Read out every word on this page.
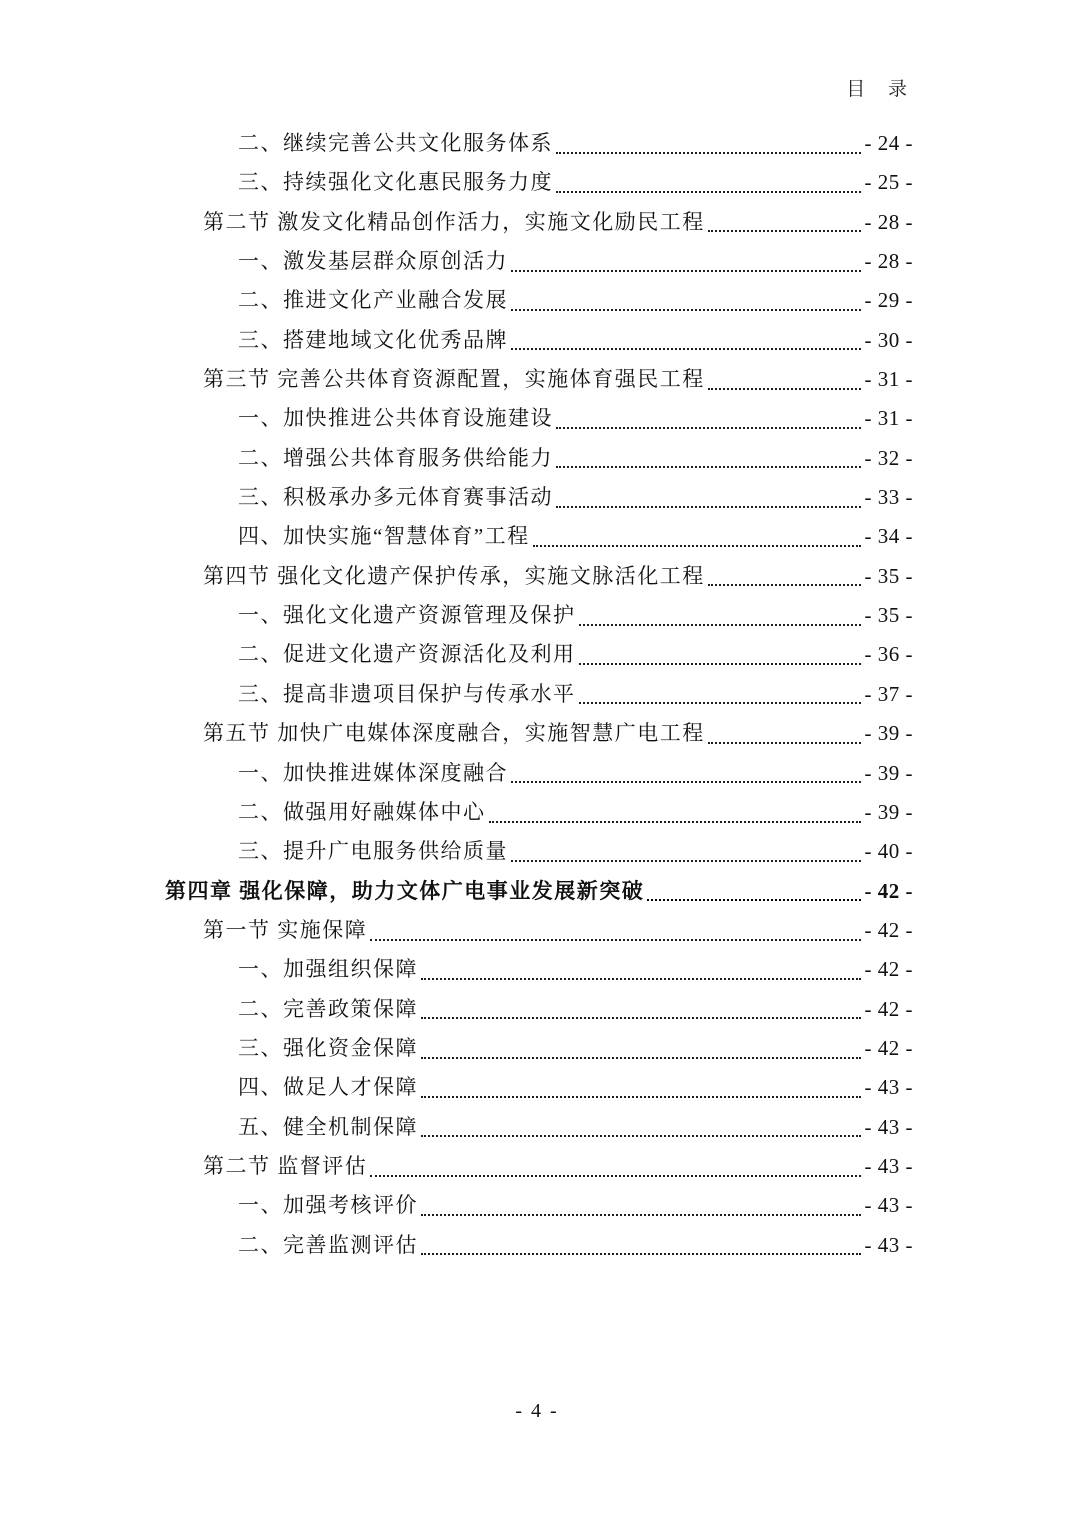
目 录
二、继续完善公共文化服务体系	- 24 -
三、持续强化文化惠民服务力度	- 25 -
第二节 激发文化精品创作活力，实施文化励民工程	- 28 -
一、激发基层群众原创活力	- 28 -
二、推进文化产业融合发展	- 29 -
三、搭建地域文化优秀品牌	- 30 -
第三节 完善公共体育资源配置，实施体育强民工程	- 31 -
一、加快推进公共体育设施建设	- 31 -
二、增强公共体育服务供给能力	- 32 -
三、积极承办多元体育赛事活动	- 33 -
四、加快实施“智慧体育”工程	- 34 -
第四节 强化文化遗产保护传承，实施文脉活化工程	- 35 -
一、强化文化遗产资源管理及保护	- 35 -
二、促进文化遗产资源活化及利用	- 36 -
三、提高非遗项目保护与传承水平	- 37 -
第五节 加快广电媒体深度融合，实施智慧广电工程	- 39 -
一、加快推进媒体深度融合	- 39 -
二、做强用好融媒体中心	- 39 -
三、提升广电服务供给质量	- 40 -
第四章 强化保障，助力文体广电事业发展新突破	- 42 -
第一节 实施保障	- 42 -
一、加强组织保障	- 42 -
二、完善政策保障	- 42 -
三、强化资金保障	- 42 -
四、做足人才保障	- 43 -
五、健全机制保障	- 43 -
第二节 监督评估	- 43 -
一、加强考核评价	- 43 -
二、完善监测评估	- 43 -
- 4 -
